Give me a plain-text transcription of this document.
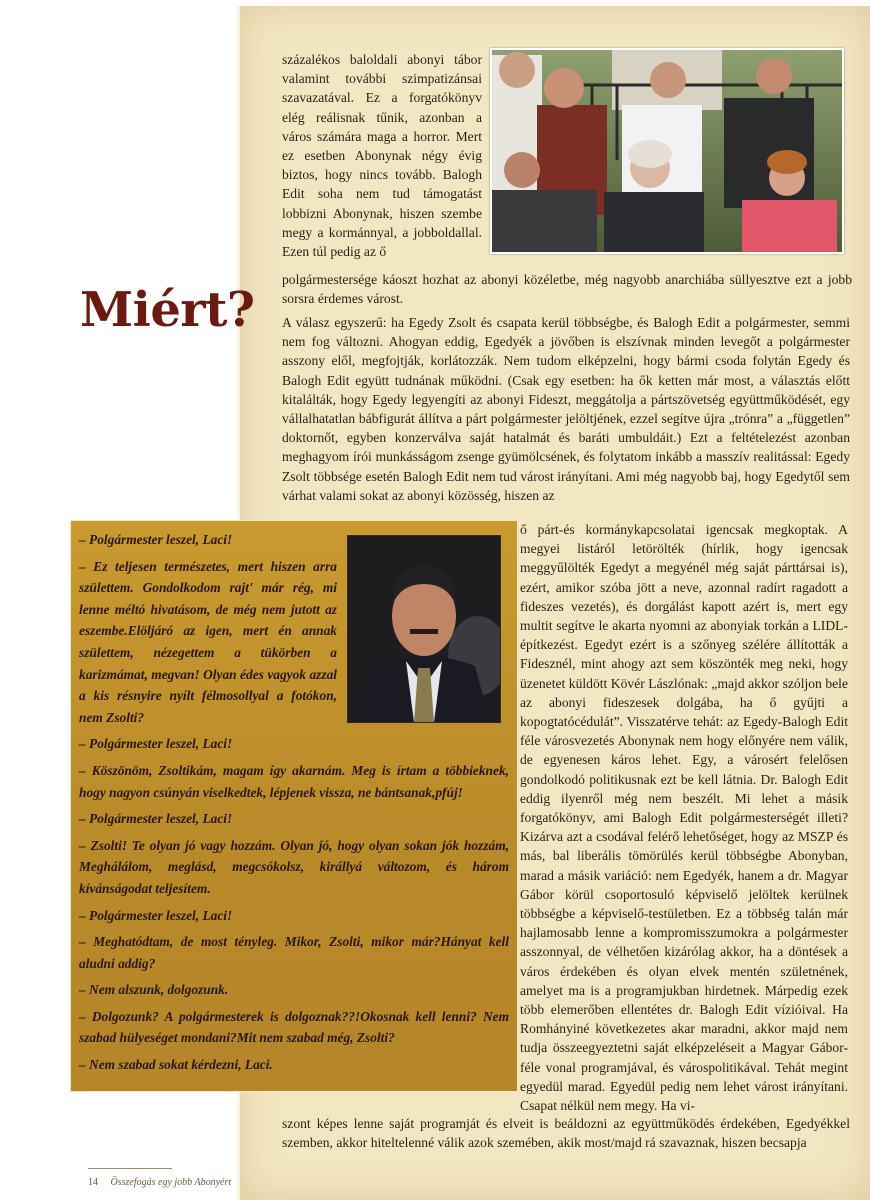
százalékos baloldali abonyi tábor valamint további szimpatizánsai szavazatával. Ez a forgatókönyv elég reálisnak tűnik, azonban a város számára maga a horror. Mert ez esetben Abonynak négy évig biztos, hogy nincs tovább. Balogh Edit soha nem tud támogatást lobbizni Abonynak, hiszen szembe megy a kormánnyal, a jobboldallal. Ezen túl pedig az ő

polgármestersége káoszt hozhat az abonyi közéletbe, még nagyobb anarchiába süllyesztve ezt a jobb sorsra érdemes várost.

Miért? A válasz egyszerű: ha Egedy Zsolt és csapata kerül többségbe, és Balogh Edit a polgármester, semmi nem fog változni. Ahogyan eddig, Egedyék a jövőben is elszívnak minden levegőt a polgármester asszony elől, megfojtják, korlátozzák. Nem tudom elképzelni, hogy bármi csoda folytán Egedy és Balogh Edit együtt tudnának működni. (Csak egy esetben: ha ők ketten már most, a választás előtt kitalálták, hogy Egedy legyengíti az abonyi Fideszt, meggátolja a pártszövetség együttműködését, egy vállalhatatlan bábfigurát állítva a párt polgármester jelöltjének, ezzel segítve újra „trónra” a „független” doktornőt, egyben konzerválva saját hatalmát és baráti umbuldáit.) Ezt a feltételezést azonban meghagyom írói munkásságom zsenge gyümölcsének, és folytatom inkább a masszív realitással: Egedy Zsolt többsége esetén Balogh Edit nem tud várost irányítani. Ami még nagyobb baj, hogy Egedytől sem várhat valami sokat az abonyi közösség, hiszen az

– Polgármester leszel, Laci!
– Ez teljesen természetes, mert hiszen arra születtem. Gondolkodom rajt' már rég, mi lenne méltó hivatásom, de még nem jutott az eszembe.Elöljáró az igen, mert én annak születtem, nézegettem a tükörben a karizmámat, megvan! Olyan édes vagyok azzal a kis résnyire nyílt félmosollyal a fotókon, nem Zsolti?
– Polgármester leszel, Laci!
– Köszönöm, Zsoltikám, magam így akarnám. Meg is írtam a többieknek, hogy nagyon csúnyán viselkedtek, lépjenek vissza, ne bántsanak,pfúj!
– Polgármester leszel, Laci!
– Zsolti! Te olyan jó vagy hozzám. Olyan jó, hogy olyan sokan jók hozzám, Meghálálom, meglásd, megcsókolsz, királlyá változom, és három kívánságodat teljesítem.
– Polgármester leszel, Laci!
– Meghatódtam, de most tényleg. Mikor, Zsolti, mikor már?Hányat kell aludni addig?
– Nem alszunk, dolgozunk.
– Dolgozunk? A polgármesterek is dolgoznak??!Okosnak kell lenni? Nem szabad hülyeséget mondani?Mit nem szabad még, Zsolti?
– Nem szabad sokat kérdezni, Laci.

ő párt-és kormánykapcsolatai igencsak megkoptak. A megyei listáról letörölték (hírlik, hogy igencsak meggyűlölték Egedyt a megyénél még saját párttársai is), ezért, amikor szóba jött a neve, azonnal radírt ragadott a fideszes vezetés), és dorgálást kapott azért is, mert egy multit segítve le akarta nyomni az abonyiak torkán a LIDL-építkezést. Egedyt ezért is a szőnyeg szélére állították a Fidesznél, mint ahogy azt sem köszönték meg neki, hogy üzenetet küldött Kövér Lászlónak: „majd akkor szóljon bele az abonyi fideszesek dolgába, ha ő gyűjti a kopogtatócédulát”. Visszatérve tehát: az Egedy-Balogh Edit féle városvezetés Abonynak nem hogy előnyére nem válik, de egyenesen káros lehet. Egy, a városért felelősen gondolkodó politikusnak ezt be kell látnia. Dr. Balogh Edit eddig ilyenről még nem beszélt. Mi lehet a másik forgatókönyv, ami Balogh Edit polgármesterségét illeti? Kizárva azt a csodával felérő lehetőséget, hogy az MSZP és más, bal liberális tömörülés kerül többségbe Abonyban, marad a másik variáció: nem Egedyék, hanem a dr. Magyar Gábor körül csoportosuló képviselő jelöltek kerülnek többségbe a képviselő-testületben. Ez a többség talán már hajlamosabb lenne a kompromisszumokra a polgármester asszonnyal, de vélhetően kizárólag akkor, ha a döntések a város érdekében és olyan elvek mentén születnének, amelyet ma is a programjukban hirdetnek. Márpedig ezek több elemerőben ellentétes dr. Balogh Edit vízióival. Ha Romhányiné következetes akar maradni, akkor majd nem tudja összeegyeztetni saját elképzeléseit a Magyar Gábor-féle vonal programjával, és várospolitikával. Tehát megint egyedül marad. Egyedül pedig nem lehet várost irányítani. Csapat nélkül nem megy. Ha vi-

szont képes lenne saját programját és elveit is beáldozni az együttműködés érdekében, Egedyékkel szemben, akkor hiteltelenné válik azok szemében, akik most/majd rá szavaznak, hiszen becsapja

14 Összefogás egy jobb Abonyért
